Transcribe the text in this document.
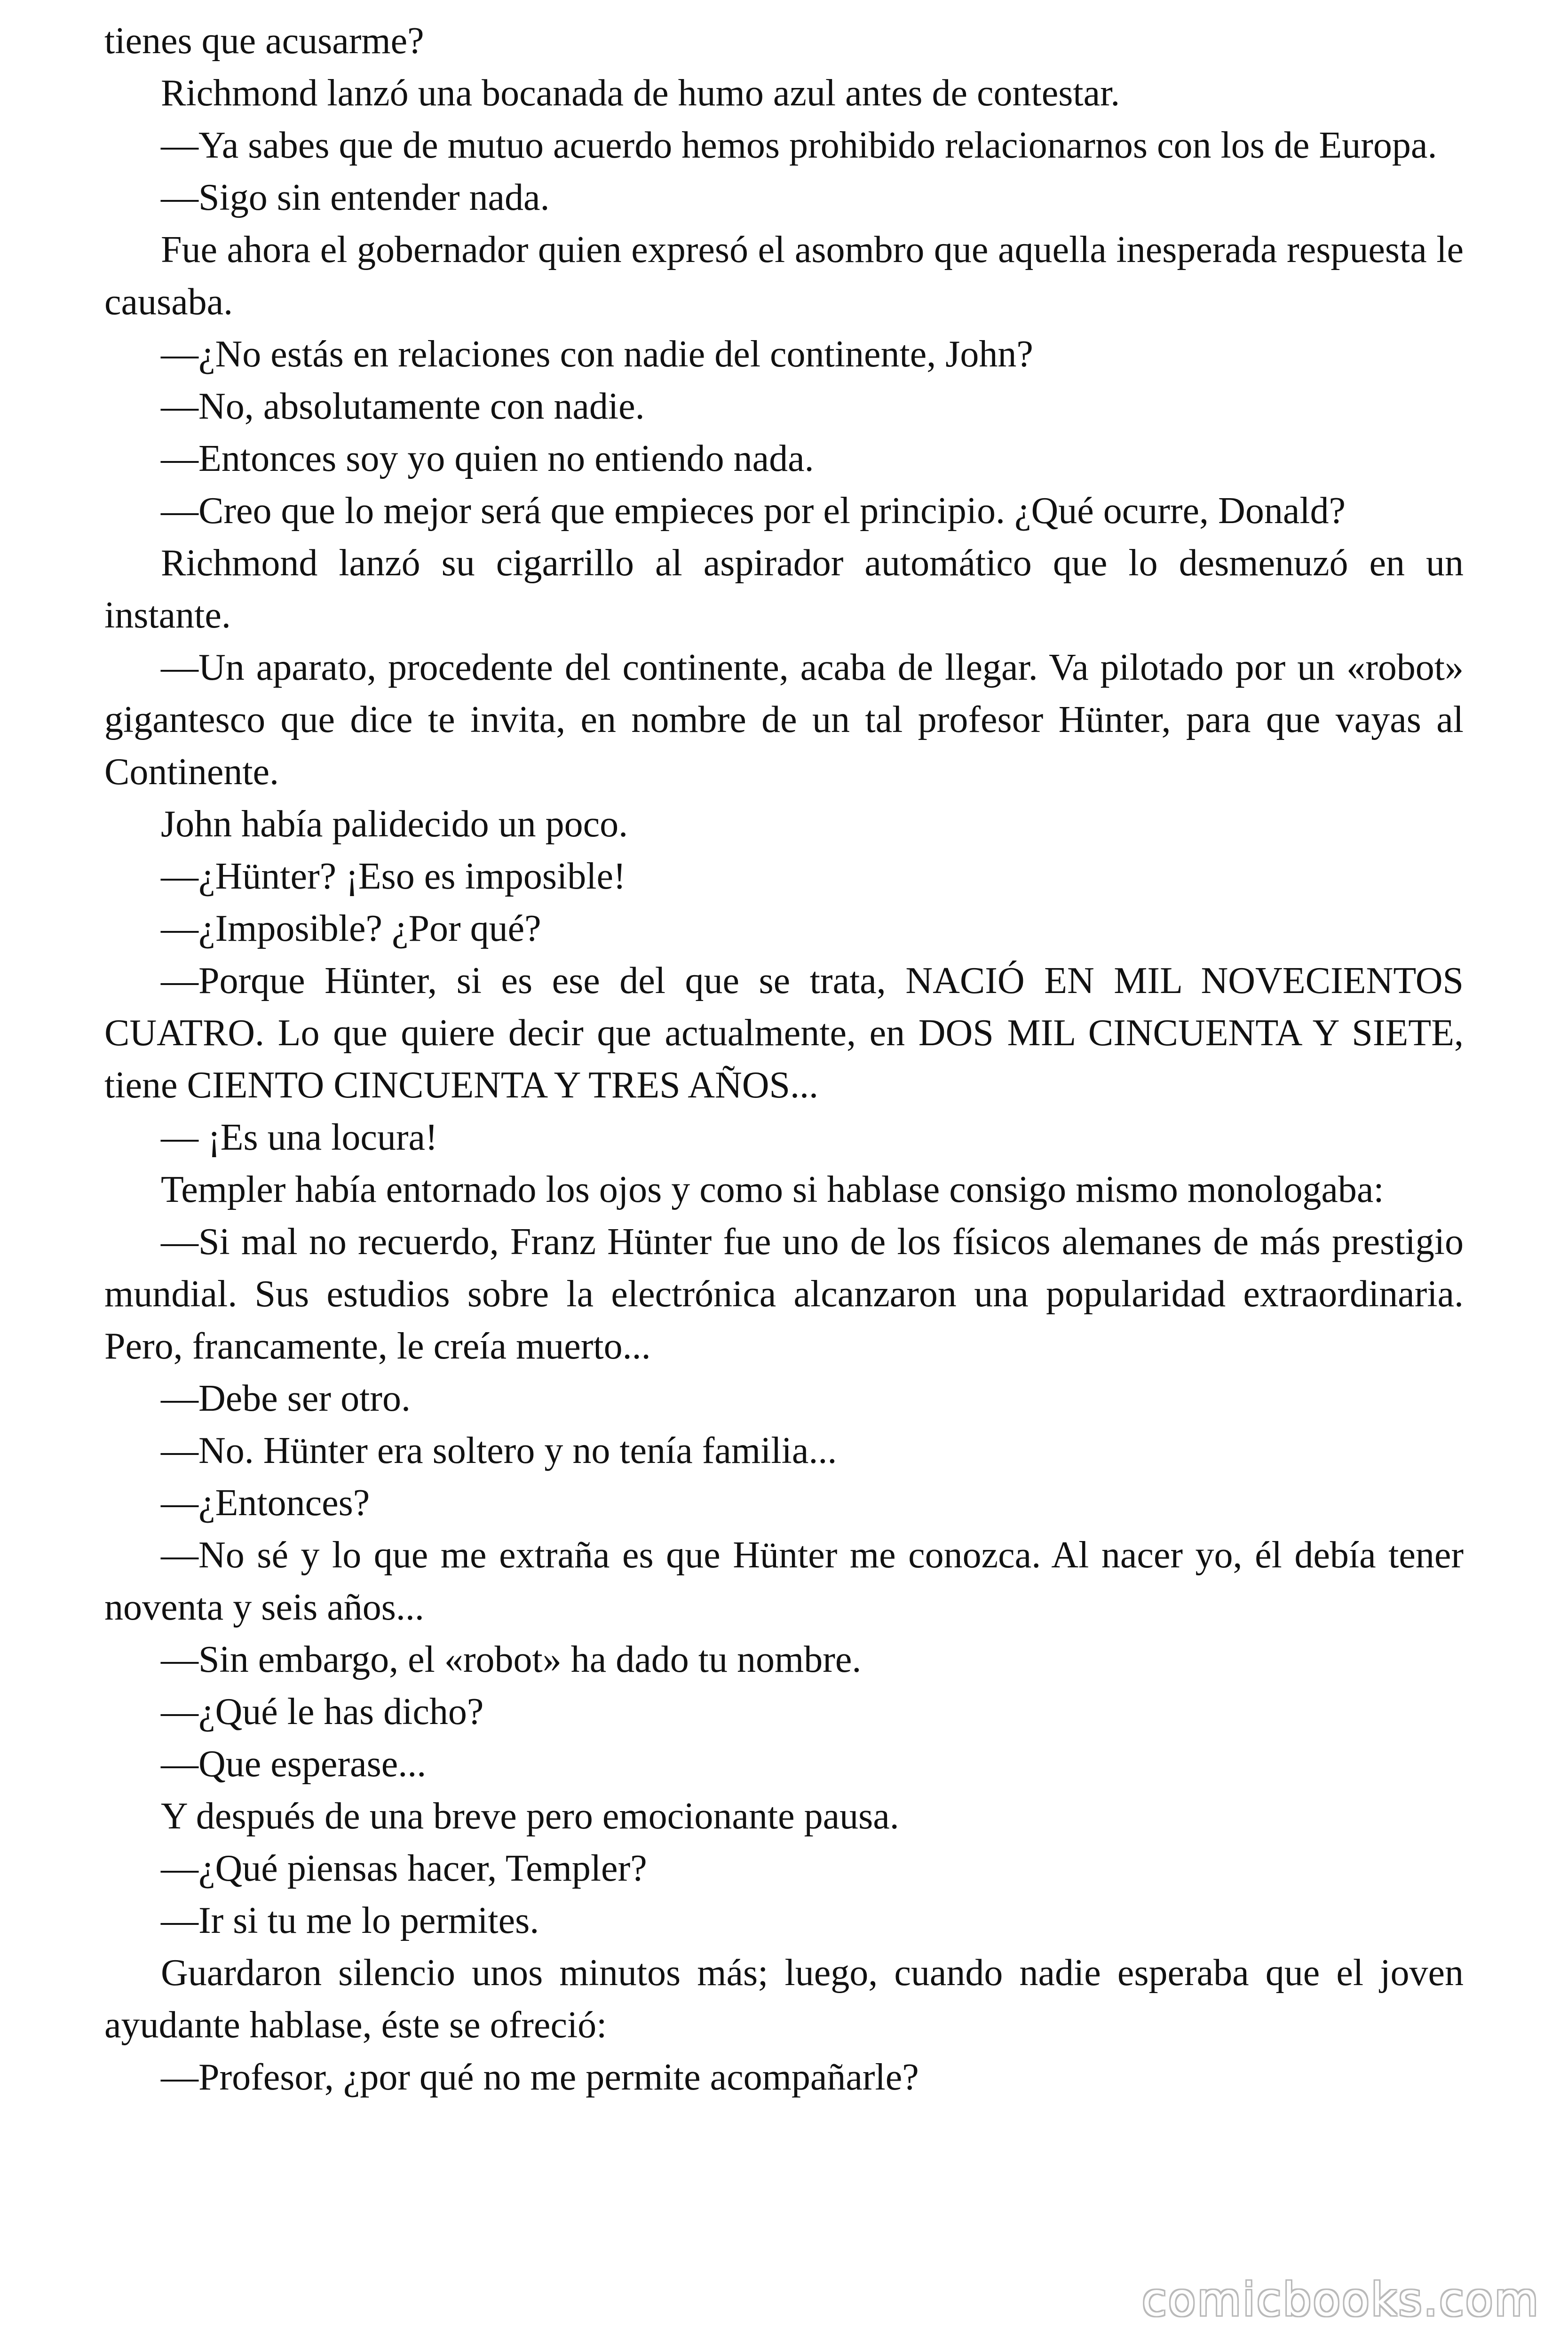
tienes que acusarme?

Richmond lanzó una bocanada de humo azul antes de contestar.

—Ya sabes que de mutuo acuerdo hemos prohibido relacionarnos con los de Europa.

—Sigo sin entender nada.

Fue ahora el gobernador quien expresó el asombro que aquella inesperada respuesta le causaba.

—¿No estás en relaciones con nadie del continente, John?

—No, absolutamente con nadie.

—Entonces soy yo quien no entiendo nada.

—Creo que lo mejor será que empieces por el principio. ¿Qué ocurre, Donald?

Richmond lanzó su cigarrillo al aspirador automático que lo desmenuzó en un instante.

—Un aparato, procedente del continente, acaba de llegar. Va pilotado por un «robot» gigantesco que dice te invita, en nombre de un tal profesor Hünter, para que vayas al Continente.

John había palidecido un poco.

—¿Hünter? ¡Eso es imposible!

—¿Imposible? ¿Por qué?

—Porque Hünter, si es ese del que se trata, NACIÓ EN MIL NOVECIENTOS CUATRO. Lo que quiere decir que actualmente, en DOS MIL CINCUENTA Y SIETE, tiene CIENTO CINCUENTA Y TRES AÑOS...

— ¡Es una locura!

Templer había entornado los ojos y como si hablase consigo mismo monologaba:

—Si mal no recuerdo, Franz Hünter fue uno de los físicos alemanes de más prestigio mundial. Sus estudios sobre la electrónica alcanzaron una popularidad extraordinaria. Pero, francamente, le creía muerto...

—Debe ser otro.

—No. Hünter era soltero y no tenía familia...

—¿Entonces?

—No sé y lo que me extraña es que Hünter me conozca. Al nacer yo, él debía tener noventa y seis años...

—Sin embargo, el «robot» ha dado tu nombre.

—¿Qué le has dicho?

—Que esperase...

Y después de una breve pero emocionante pausa.

—¿Qué piensas hacer, Templer?

—Ir si tu me lo permites.

Guardaron silencio unos minutos más; luego, cuando nadie esperaba que el joven ayudante hablase, éste se ofreció:

—Profesor, ¿por qué no me permite acompañarle?

comicbooks.com
